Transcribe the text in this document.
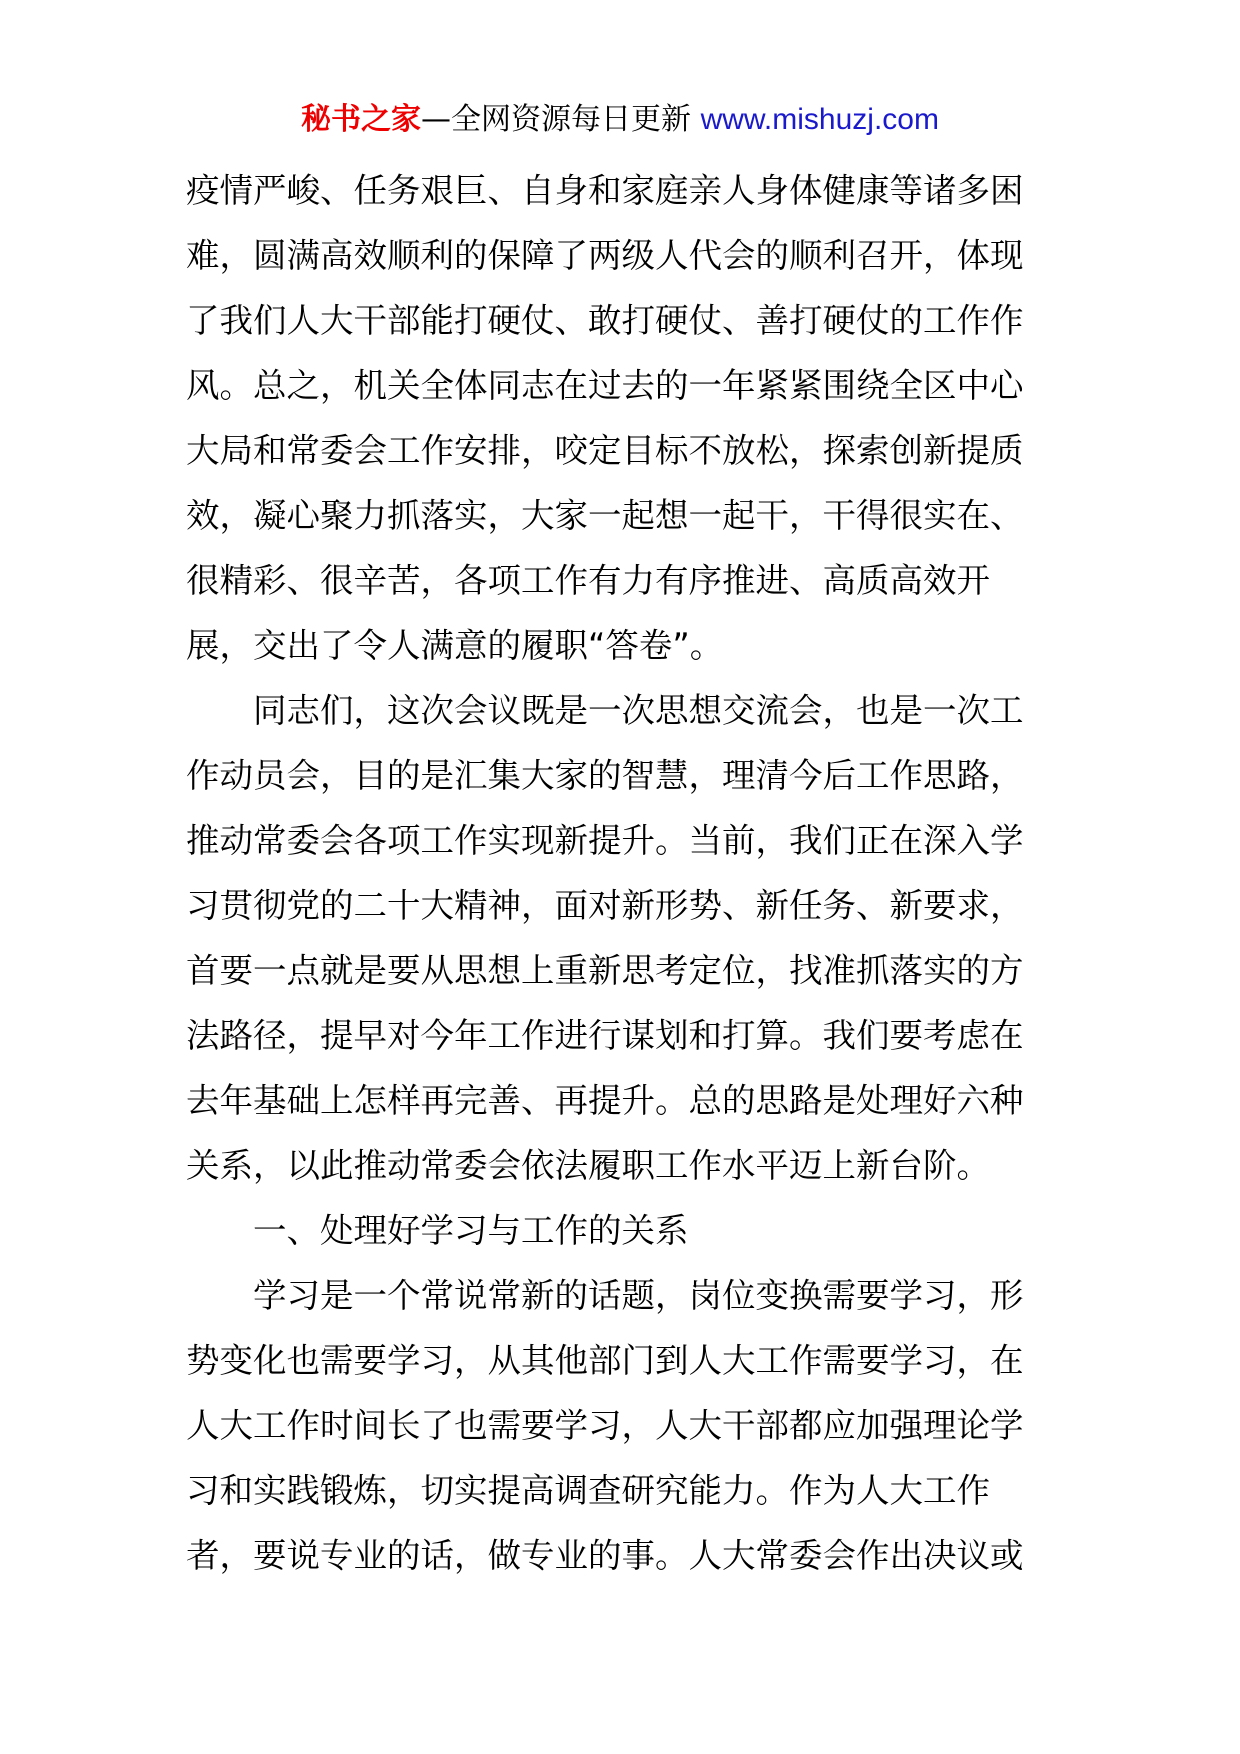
秘书之家—全网资源每日更新 www.mishuzj.com
疫情严峻、任务艰巨、自身和家庭亲人身体健康等诸多困
难，圆满高效顺利的保障了两级人代会的顺利召开，体现
了我们人大干部能打硬仗、敢打硬仗、善打硬仗的工作作
风。总之，机关全体同志在过去的一年紧紧围绕全区中心
大局和常委会工作安排，咬定目标不放松，探索创新提质
效，凝心聚力抓落实，大家一起想一起干，干得很实在、
很精彩、很辛苦，各项工作有力有序推进、高质高效开
展，交出了令人满意的履职“答卷”。
同志们，这次会议既是一次思想交流会，也是一次工
作动员会，目的是汇集大家的智慧，理清今后工作思路，
推动常委会各项工作实现新提升。当前，我们正在深入学
习贯彻党的二十大精神，面对新形势、新任务、新要求，
首要一点就是要从思想上重新思考定位，找准抓落实的方
法路径，提早对今年工作进行谋划和打算。我们要考虑在
去年基础上怎样再完善、再提升。总的思路是处理好六种
关系，以此推动常委会依法履职工作水平迈上新台阶。
一、处理好学习与工作的关系
学习是一个常说常新的话题，岗位变换需要学习，形
势变化也需要学习，从其他部门到人大工作需要学习，在
人大工作时间长了也需要学习，人大干部都应加强理论学
习和实践锻炼，切实提高调查研究能力。作为人大工作
者，要说专业的话，做专业的事。人大常委会作出决议或
